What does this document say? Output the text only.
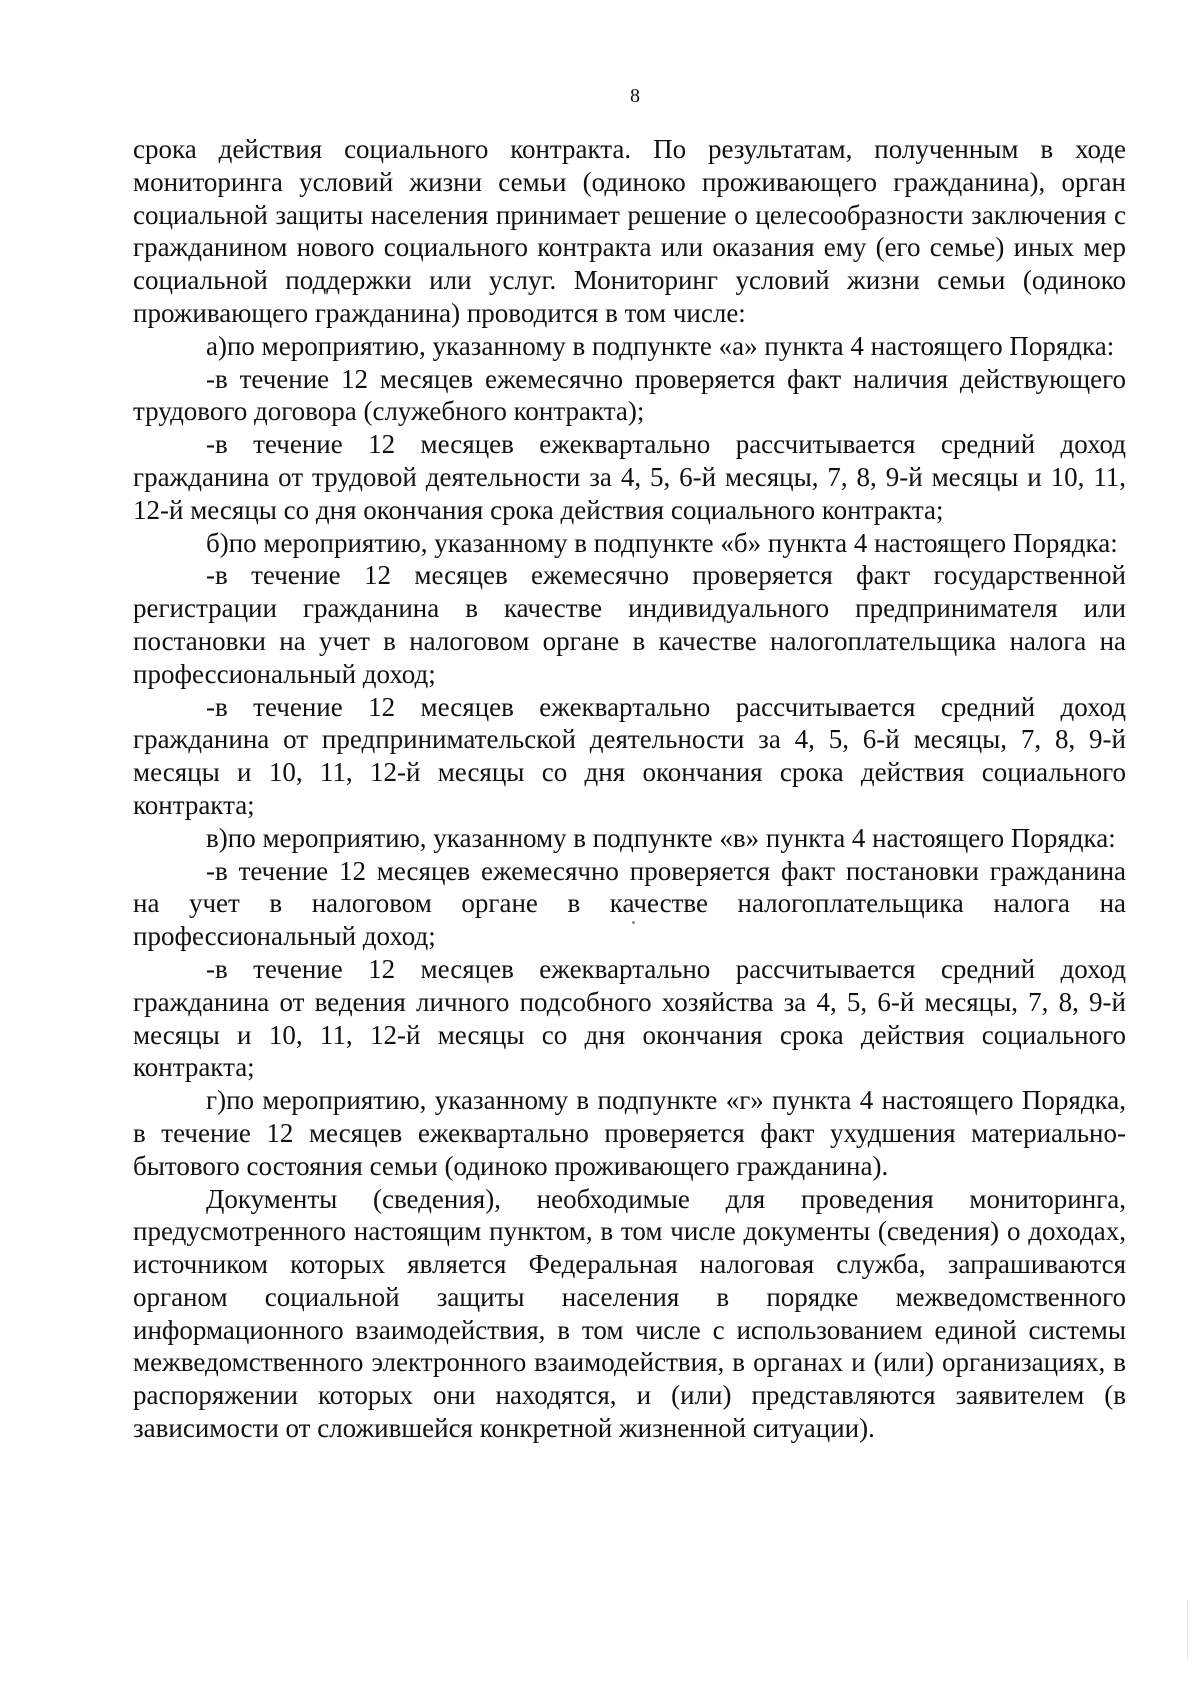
8

срока действия социального контракта. По результатам, полученным в ходе мониторинга условий жизни семьи (одиноко проживающего гражданина), орган социальной защиты населения принимает решение о целесообразности заключения с гражданином нового социального контракта или оказания ему (его семье) иных мер социальной поддержки или услуг. Мониторинг условий жизни семьи (одиноко проживающего гражданина) проводится в том числе:

а)по мероприятию, указанному в подпункте «а» пункта 4 настоящего Порядка:

-в течение 12 месяцев ежемесячно проверяется факт наличия действующего трудового договора (служебного контракта);

-в течение 12 месяцев ежеквартально рассчитывается средний доход гражданина от трудовой деятельности за 4, 5, 6-й месяцы, 7, 8, 9-й месяцы и 10, 11, 12-й месяцы со дня окончания срока действия социального контракта;

б)по мероприятию, указанному в подпункте «б» пункта 4 настоящего Порядка:

-в течение 12 месяцев ежемесячно проверяется факт государственной регистрации гражданина в качестве индивидуального предпринимателя или постановки на учет в налоговом органе в качестве налогоплательщика налога на профессиональный доход;

-в течение 12 месяцев ежеквартально рассчитывается средний доход гражданина от предпринимательской деятельности за 4, 5, 6-й месяцы, 7, 8, 9-й месяцы и 10, 11, 12-й месяцы со дня окончания срока действия социального контракта;

в)по мероприятию, указанному в подпункте «в» пункта 4 настоящего Порядка:

-в течение 12 месяцев ежемесячно проверяется факт постановки гражданина на учет в налоговом органе в качестве налогоплательщика налога на профессиональный доход;

-в течение 12 месяцев ежеквартально рассчитывается средний доход гражданина от ведения личного подсобного хозяйства за 4, 5, 6-й месяцы, 7, 8, 9-й месяцы и 10, 11, 12-й месяцы со дня окончания срока действия социального контракта;

г)по мероприятию, указанному в подпункте «г» пункта 4 настоящего Порядка, в течение 12 месяцев ежеквартально проверяется факт ухудшения материально-бытового состояния семьи (одиноко проживающего гражданина).

Документы (сведения), необходимые для проведения мониторинга, предусмотренного настоящим пунктом, в том числе документы (сведения) о доходах, источником которых является Федеральная налоговая служба, запрашиваются органом социальной защиты населения в порядке межведомственного информационного взаимодействия, в том числе с использованием единой системы межведомственного электронного взаимодействия, в органах и (или) организациях, в распоряжении которых они находятся, и (или) представляются заявителем (в зависимости от сложившейся конкретной жизненной ситуации).
